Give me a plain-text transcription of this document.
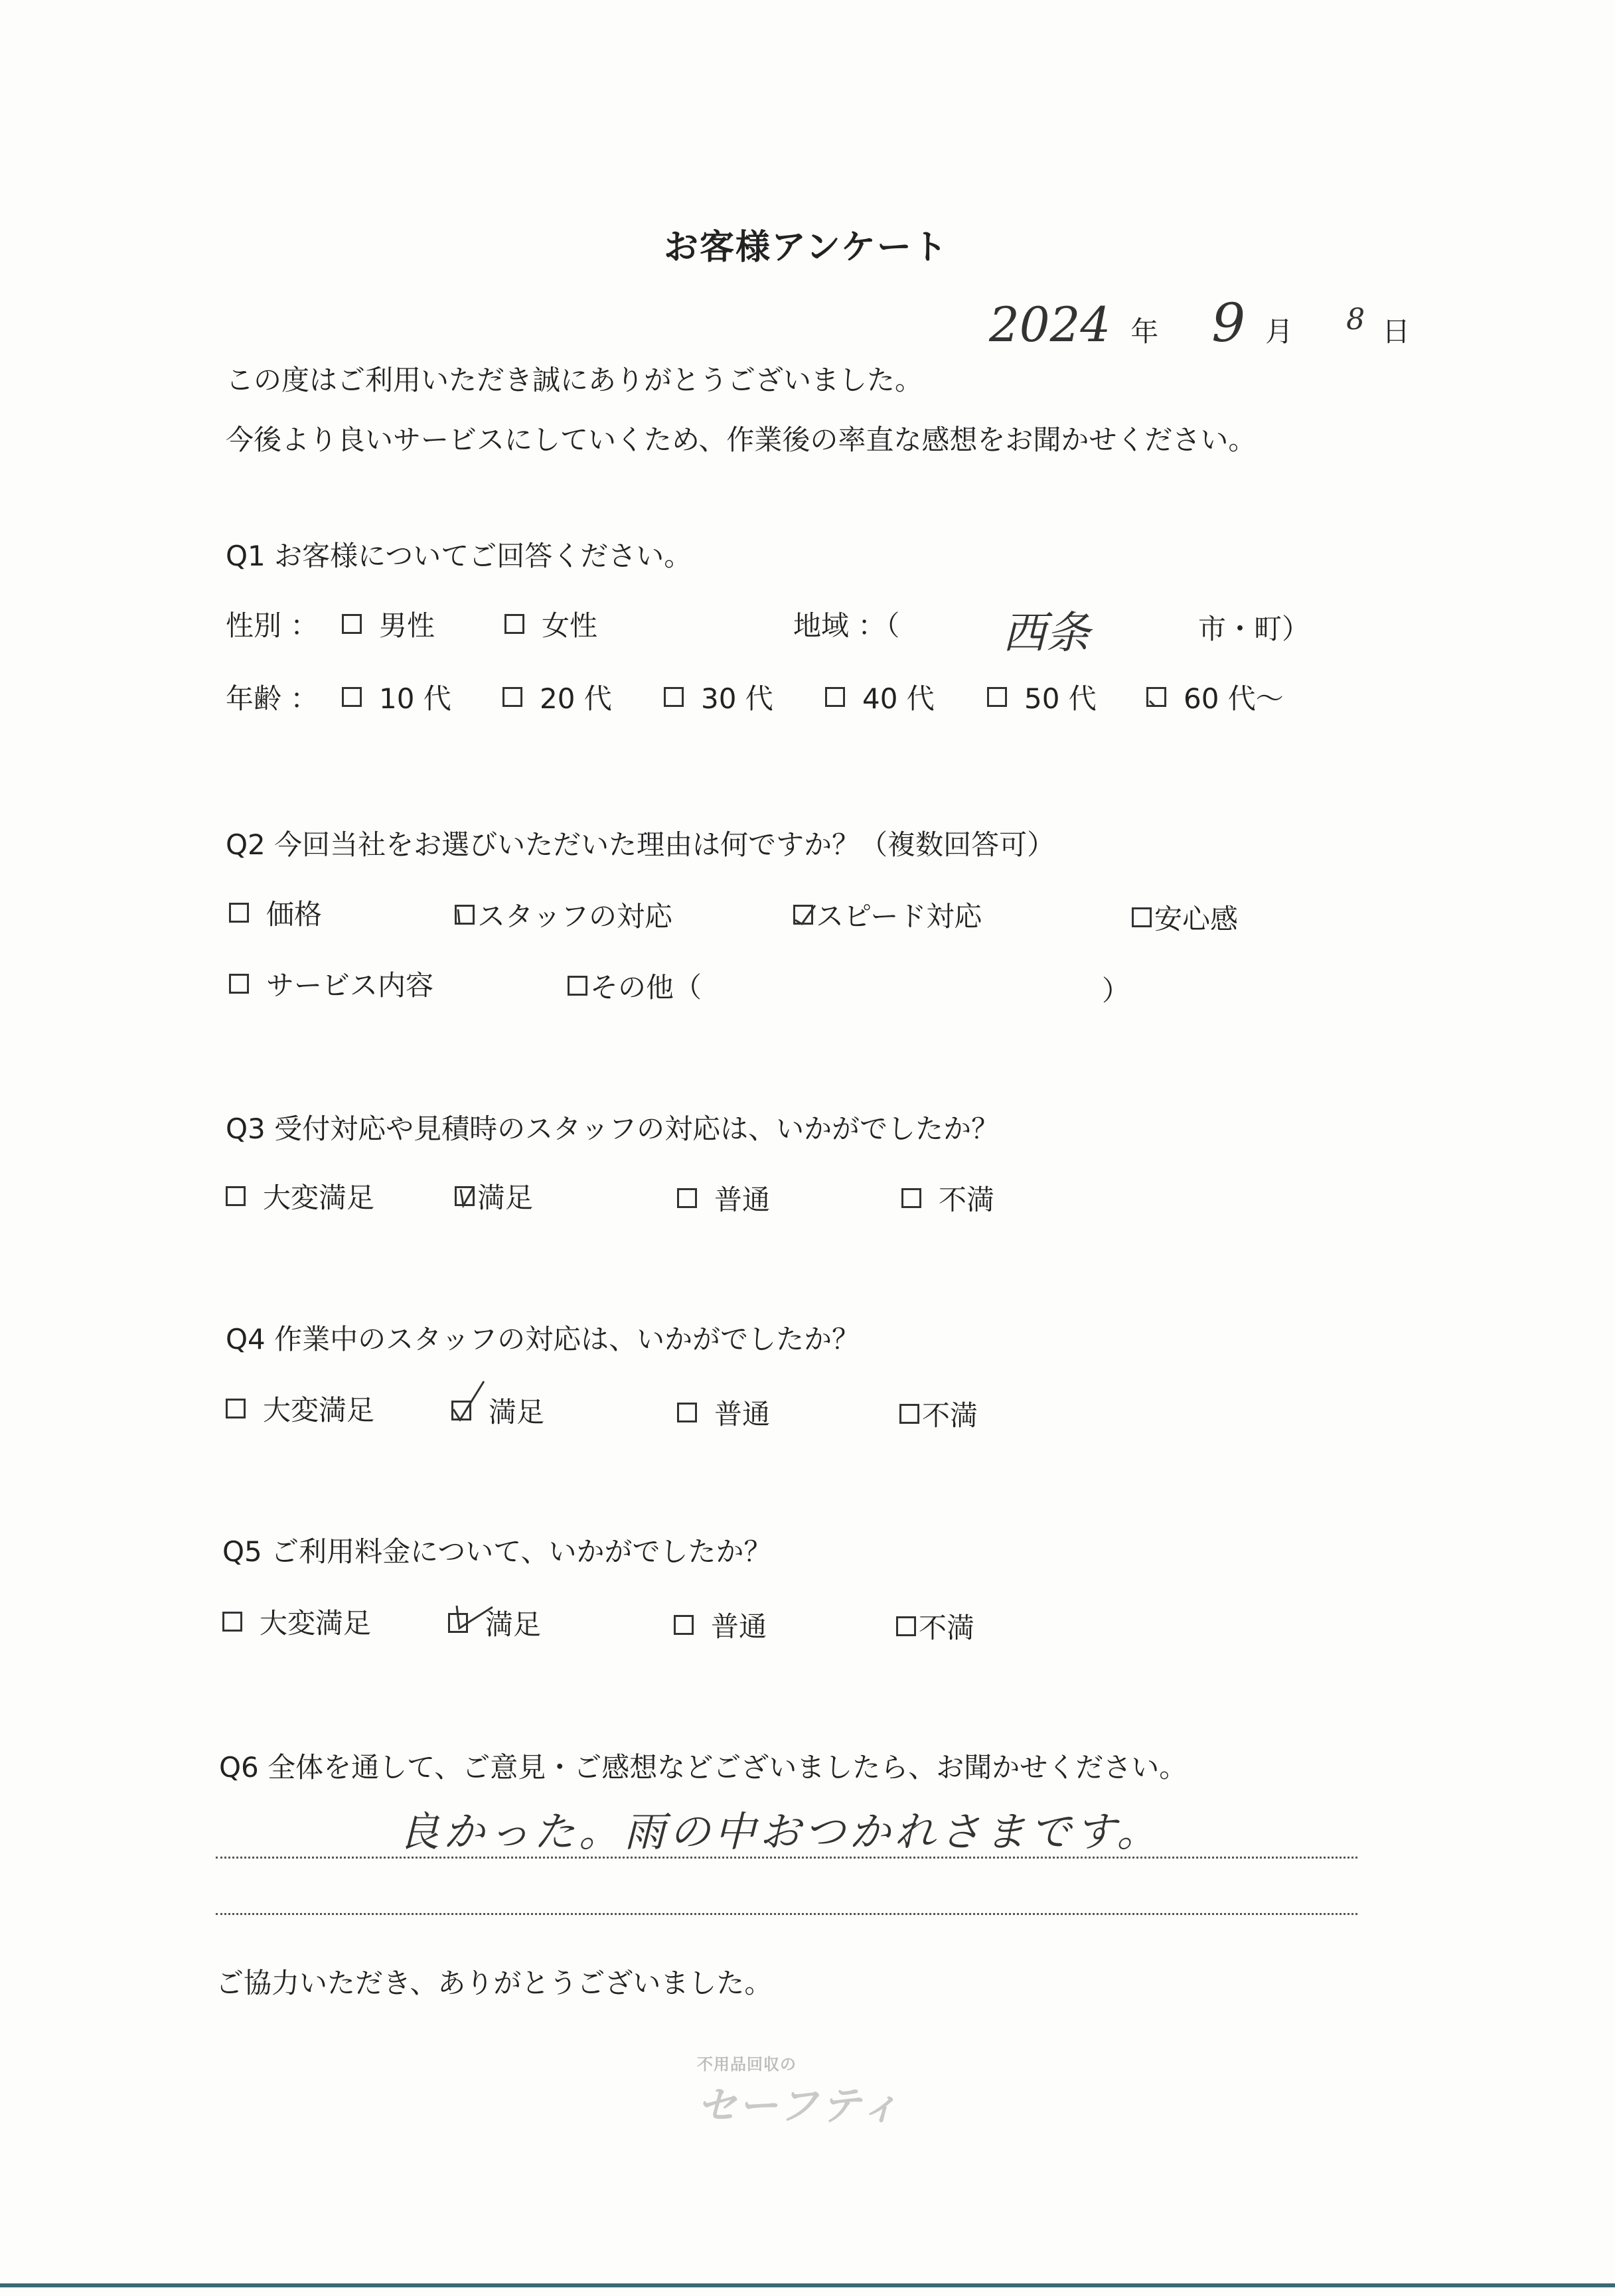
お客様アンケート
2024 年 9 月 8 日
この度はご利用いただき誠にありがとうございました。
今後より良いサービスにしていくため、作業後の率直な感想をお聞かせください。
Q1 お客様についてご回答ください。
性別 ： 男性	女性	地域 ：（ 西条	市・町）
年齢 ： 10 代	20 代	30 代	40 代	50 代	60 代～
Q2 今回当社をお選びいただいた理由は何ですか？（複数回答可）
価格	スタッフの対応	スピード対応	安心感
サービス内容	その他（	）
Q3 受付対応や見積時のスタッフの対応は、いかがでしたか？
大変満足	満足	普通	不満
Q4 作業中のスタッフの対応は、いかがでしたか？
大変満足	満足	普通	不満
Q5 ご利用料金について、いかがでしたか？
大変満足	満足	普通	不満
Q6 全体を通して、ご意見・ご感想などございましたら、お聞かせください。
良かった。雨の中おつかれさまです。
ご協力いただき、ありがとうございました。
不用品回収の
セーフティ
